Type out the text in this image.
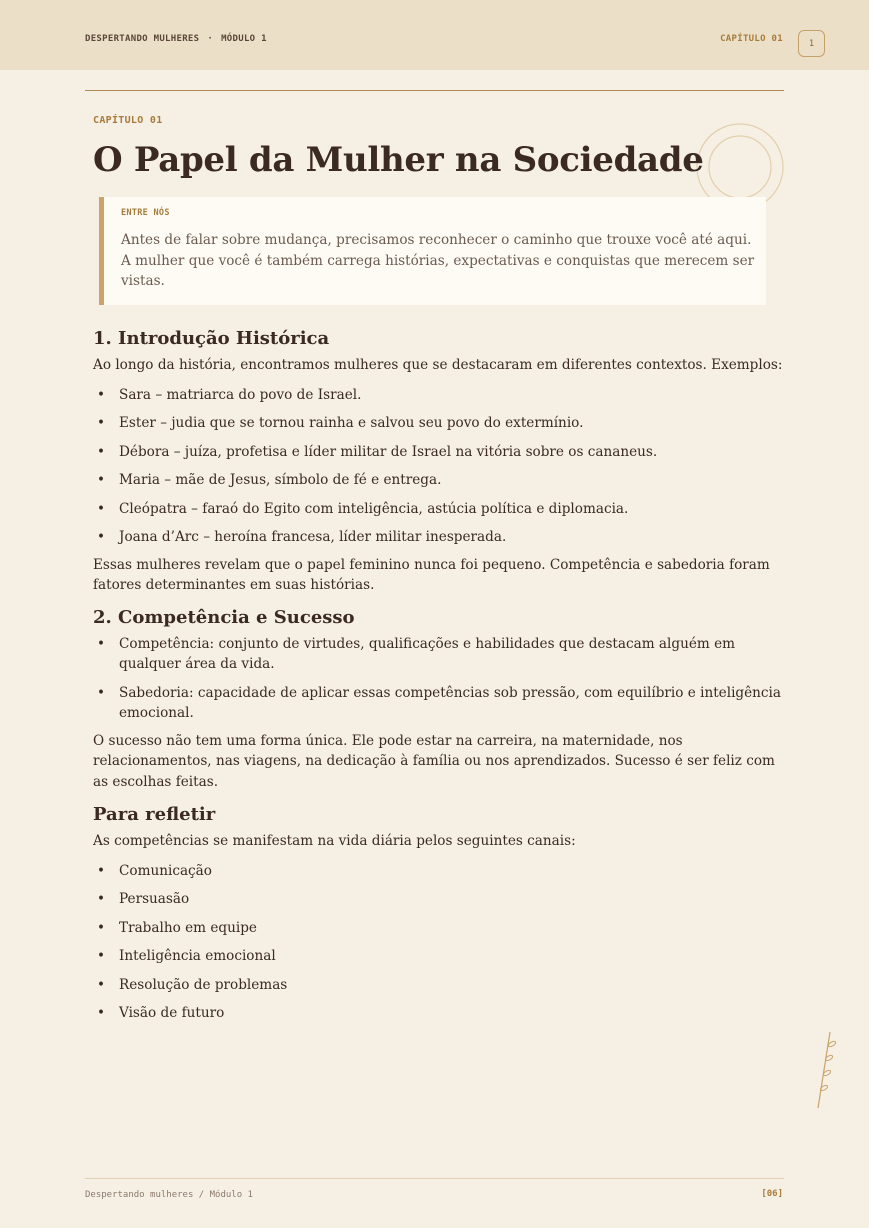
DESPERTANDO MULHERES · MÓDULO 1	CAPÍTULO 01	1
CAPÍTULO 01
O Papel da Mulher na Sociedade
ENTRE NÓS
Antes de falar sobre mudança, precisamos reconhecer o caminho que trouxe você até aqui. A mulher que você é também carrega histórias, expectativas e conquistas que merecem ser vistas.
1. Introdução Histórica

Ao longo da história, encontramos mulheres que se destacaram em diferentes contextos. Exemplos:

• Sara – matriarca do povo de Israel.
• Ester – judia que se tornou rainha e salvou seu povo do extermínio.
• Débora – juíza, profetisa e líder militar de Israel na vitória sobre os cananeus.
• Maria – mãe de Jesus, símbolo de fé e entrega.
• Cleópatra – faraó do Egito com inteligência, astúcia política e diplomacia.
• Joana d’Arc – heroína francesa, líder militar inesperada.

Essas mulheres revelam que o papel feminino nunca foi pequeno. Competência e sabedoria foram fatores determinantes em suas histórias.

2. Competência e Sucesso
• Competência: conjunto de virtudes, qualificações e habilidades que destacam alguém em qualquer área da vida.
• Sabedoria: capacidade de aplicar essas competências sob pressão, com equilíbrio e inteligência emocional.

O sucesso não tem uma forma única. Ele pode estar na carreira, na maternidade, nos relacionamentos, nas viagens, na dedicação à família ou nos aprendizados. Sucesso é ser feliz com as escolhas feitas.

Para refletir

As competências se manifestam na vida diária pelos seguintes canais:

• Comunicação
• Persuasão
• Trabalho em equipe
• Inteligência emocional
• Resolução de problemas
• Visão de futuro
Despertando mulheres / Módulo 1	[06]
